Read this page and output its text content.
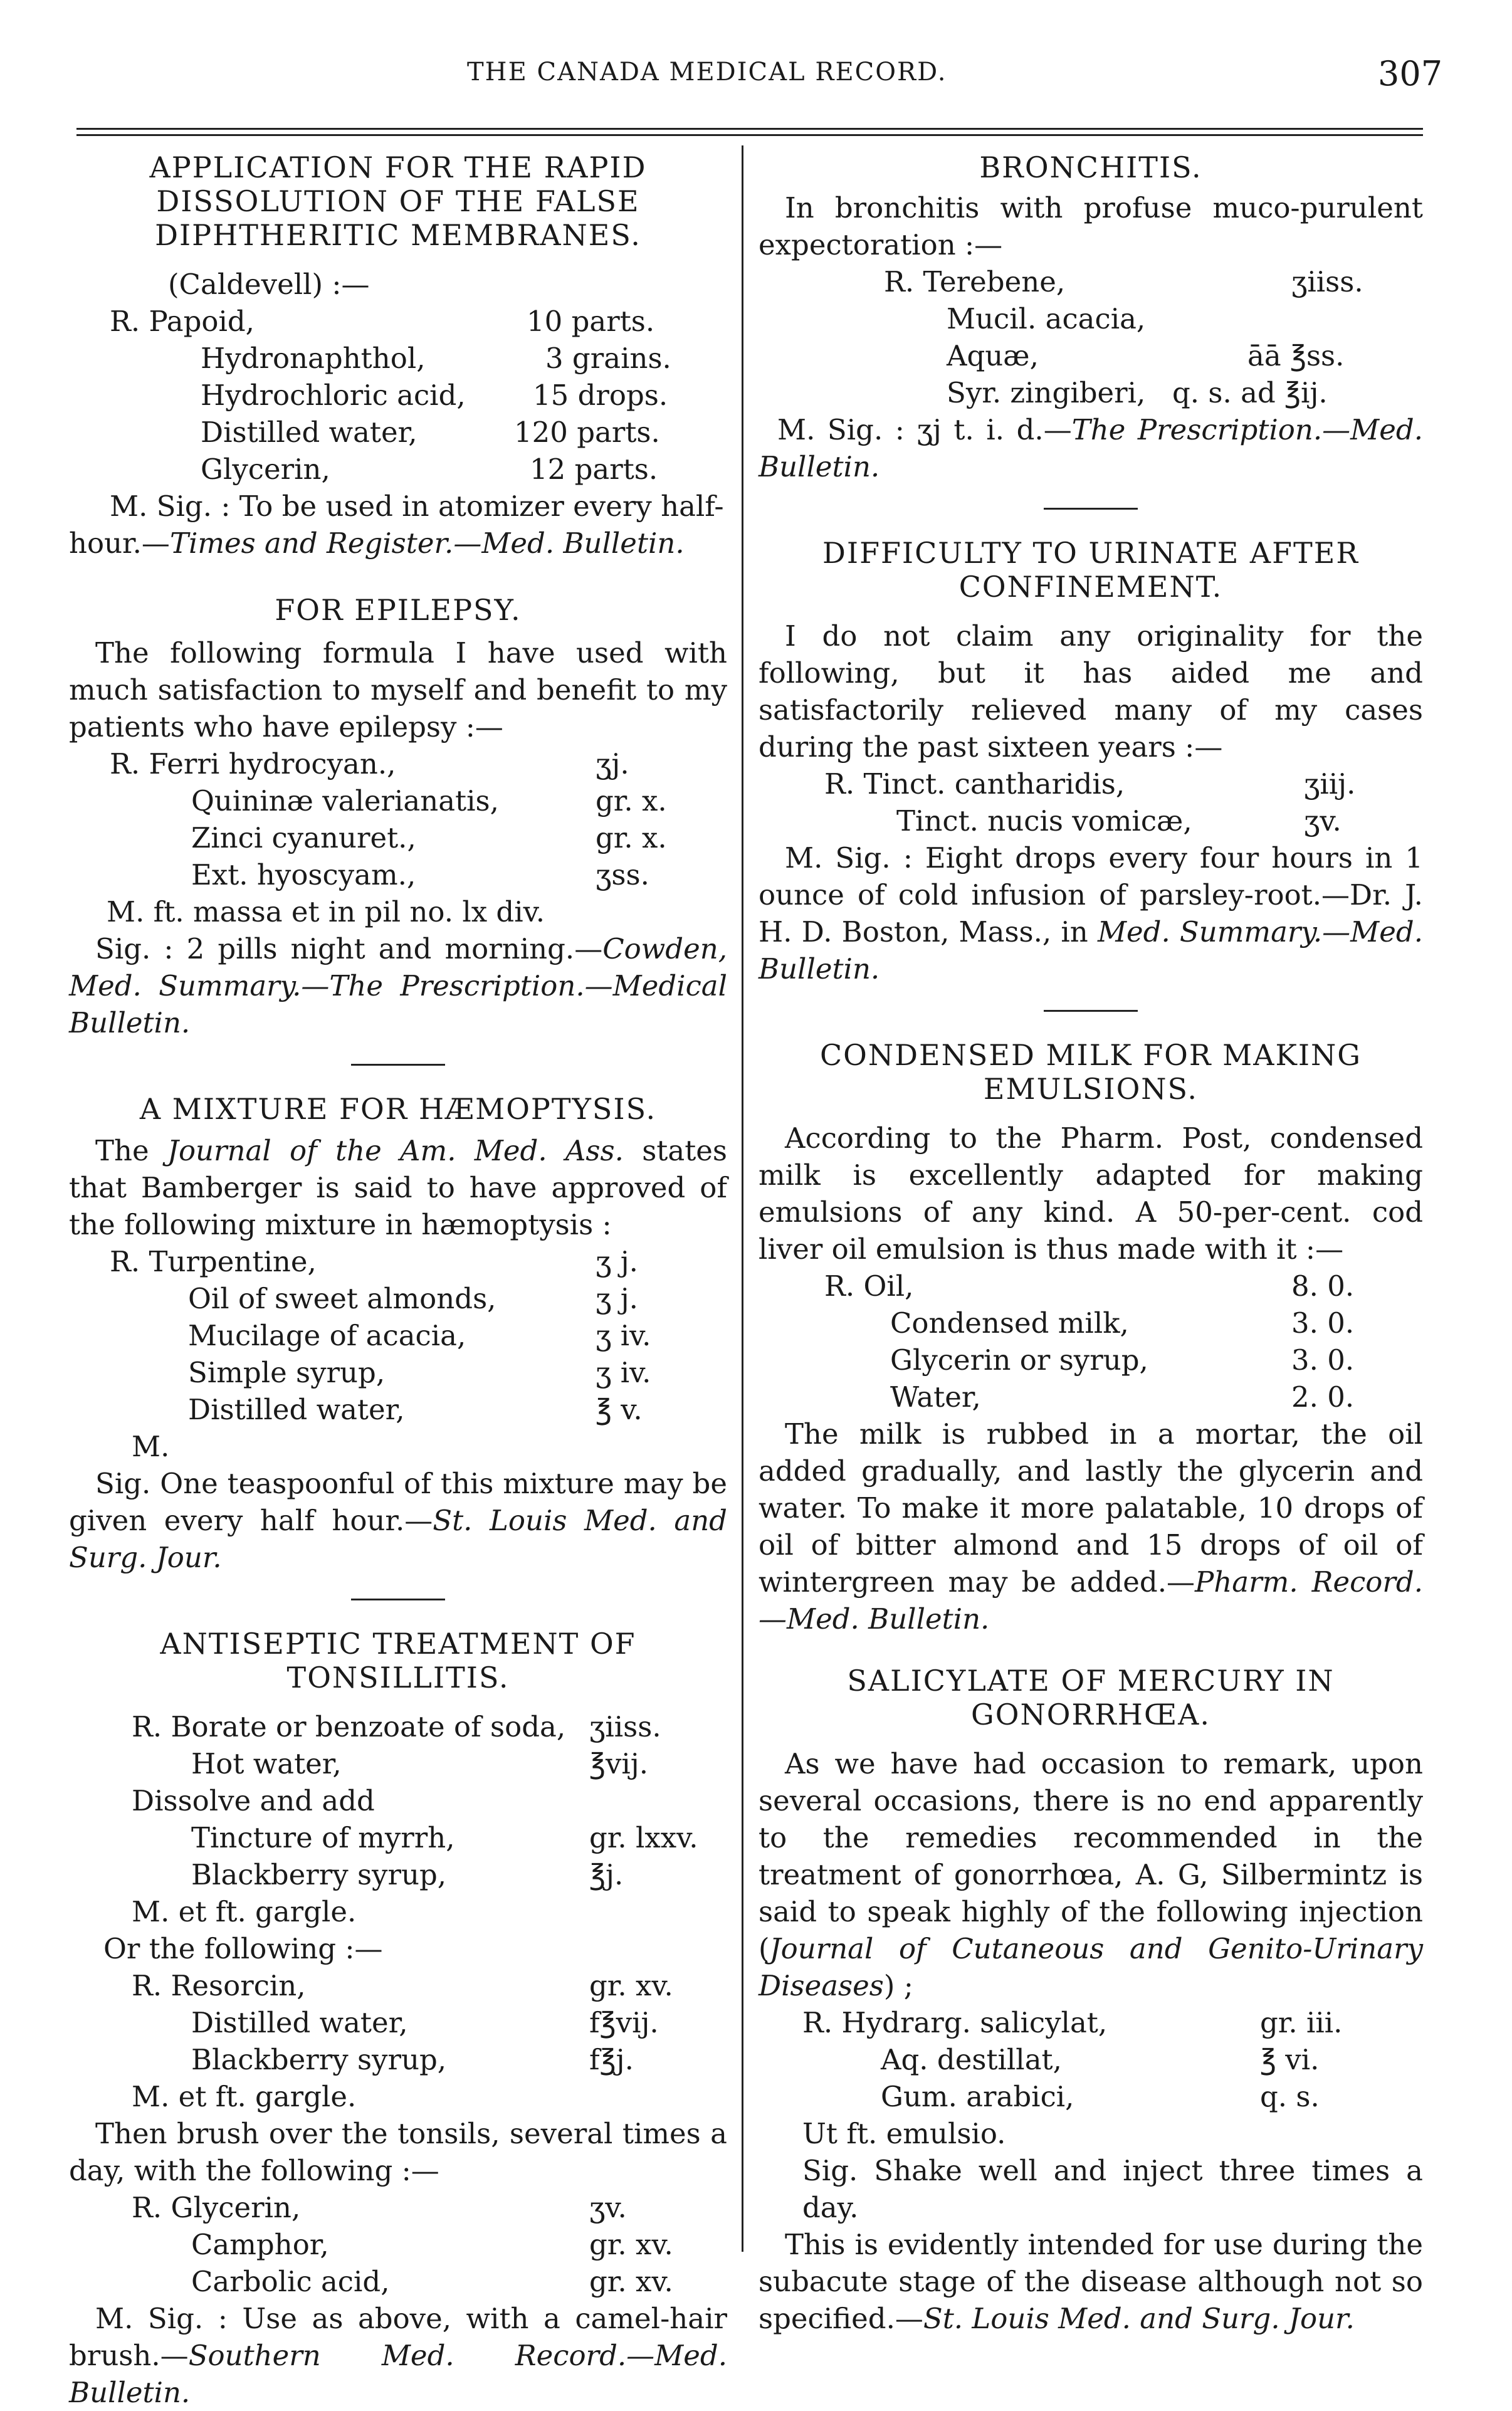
THE CANADA MEDICAL RECORD.	307

APPLICATION FOR THE RAPID

DISSOLUTION OF THE FALSE

DIPHTHERITIC MEMBRANES.

(Caldevell) :—
R. Papoid,	10 parts.
Hydronaphthol,	3 grains.
Hydrochloric acid, 15 drops.
Distilled water,	120 parts.
Glycerin,	12 parts.
M. Sig. : To be used in atomizer every half-

hour.—Times and Register.—Med. Bulletin.

FOR EPILEPSY.

The following formula I have used with much satisfaction to myself and benefit to my patients who have epilepsy :—

R. Ferri hydrocyan.,	ʒj.
Quininæ valerianatis,	gr. x.
Zinci cyanuret.,	gr. x.
Ext. hyoscyam.,	ʒss.
M. ft. massa et in pil no. lx div.

Sig. : 2 pills night and morning.—Cowden, Med. Summary.—The Prescription.—Medical Bulletin.

A MIXTURE FOR HÆMOPTYSIS.

The Journal of the Am. Med. Ass. states that Bamberger is said to have approved of the following mixture in hæmoptysis :

R. Turpentine,	ʒ j.
Oil of sweet almonds,	ʒ j.
Mucilage of acacia,	ʒ iv.
Simple syrup,	ʒ iv.
Distilled water,	℥ v.
M.

Sig. One teaspoonful of this mixture may be given every half hour.—St. Louis Med. and Surg. Jour.

ANTISEPTIC TREATMENT OF

TONSILLITIS.

R. Borate or benzoate of soda, ʒiiss.
Hot water,	℥vij.
Dissolve and add
Tincture of myrrh,	gr. lxxv.
Blackberry syrup,	℥j.
M. et ft. gargle.
Or the following :—
R. Resorcin,	gr. xv.
Distilled water,	f℥vij.
Blackberry syrup,	f℥j.
M. et ft. gargle.

Then brush over the tonsils, several times a day, with the following :—

R. Glycerin,	ʒv.
Camphor,	gr. xv.
Carbolic acid,	gr. xv.

M. Sig. : Use as above, with a camel-hair brush.—Southern Med. Record.—Med. Bulletin.

BRONCHITIS.

In bronchitis with profuse muco-purulent expectoration :—

R. Terebene,	ʒiiss.
Mucil. acacia,
Aquæ,	āā ℥ss.
Syr. zingiberi, q. s. ad ℥ij.

M. Sig. : ʒj t. i. d.—The Prescription.—Med. Bulletin.

DIFFICULTY TO URINATE AFTER

CONFINEMENT.

I do not claim any originality for the following, but it has aided me and satisfactorily relieved many of my cases during the past sixteen years :—

R. Tinct. cantharidis,	ʒiij.
Tinct. nucis vomicæ,	ʒv.

M. Sig. : Eight drops every four hours in 1 ounce of cold infusion of parsley-root.—Dr. J. H. D. Boston, Mass., in Med. Summary.—Med. Bulletin.

CONDENSED MILK FOR MAKING

EMULSIONS.

According to the Pharm. Post, condensed milk is excellently adapted for making emulsions of any kind. A 50-per-cent. cod liver oil emulsion is thus made with it :—

R. Oil,	8. 0.
Condensed milk,	3. 0.
Glycerin or syrup,	3. 0.
Water,	2. 0.

The milk is rubbed in a mortar, the oil added gradually, and lastly the glycerin and water. To make it more palatable, 10 drops of oil of bitter almond and 15 drops of oil of wintergreen may be added.—Pharm. Record.—Med. Bulletin.

SALICYLATE OF MERCURY IN

GONORRHŒA.

As we have had occasion to remark, upon several occasions, there is no end apparently to the remedies recommended in the treatment of gonorrhœa, A. G, Silbermintz is said to speak highly of the following injection (Journal of Cutaneous and Genito-Urinary Diseases) ;

R. Hydrarg. salicylat,	gr. iii.
Aq. destillat,	℥ vi.
Gum. arabici,	q. s.
Ut ft. emulsio.

Sig. Shake well and inject three times a day.

This is evidently intended for use during the subacute stage of the disease although not so specified.—St. Louis Med. and Surg. Jour.
